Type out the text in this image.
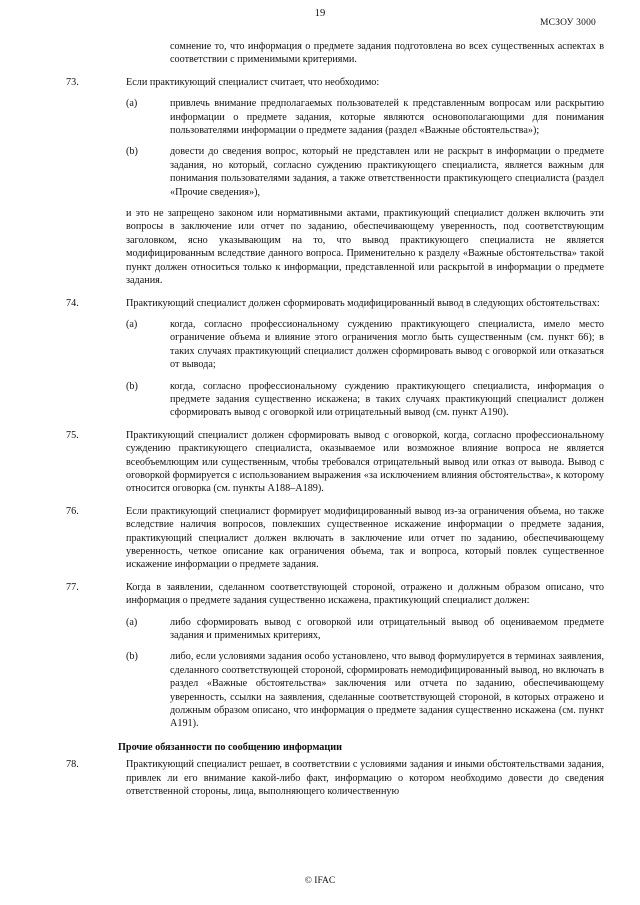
19
МСЗОУ 3000
сомнение то, что информация о предмете задания подготовлена во всех существенных аспектах в соответствии с применимыми критериями.
73.	Если практикующий специалист считает, что необходимо:
(a)	привлечь внимание предполагаемых пользователей к представленным вопросам или раскрытию информации о предмете задания, которые являются основополагающими для понимания пользователями информации о предмете задания (раздел «Важные обстоятельства»);
(b)	довести до сведения вопрос, который не представлен или не раскрыт в информации о предмете задания, но который, согласно суждению практикующего специалиста, является важным для понимания пользователями задания, а также ответственности практикующего специалиста (раздел «Прочие сведения»),
и это не запрещено законом или нормативными актами, практикующий специалист должен включить эти вопросы в заключение или отчет по заданию, обеспечивающему уверенность, под соответствующим заголовком, ясно указывающим на то, что вывод практикующего специалиста не является модифицированным вследствие данного вопроса. Применительно к разделу «Важные обстоятельства» такой пункт должен относиться только к информации, представленной или раскрытой в информации о предмете задания.
74.	Практикующий специалист должен сформировать модифицированный вывод в следующих обстоятельствах:
(a)	когда, согласно профессиональному суждению практикующего специалиста, имело место ограничение объема и влияние этого ограничения могло быть существенным (см. пункт 66); в таких случаях практикующий специалист должен сформировать вывод с оговоркой или отказаться от вывода;
(b)	когда, согласно профессиональному суждению практикующего специалиста, информация о предмете задания существенно искажена; в таких случаях практикующий специалист должен сформировать вывод с оговоркой или отрицательный вывод (см. пункт A190).
75.	Практикующий специалист должен сформировать вывод с оговоркой, когда, согласно профессиональному суждению практикующего специалиста, оказываемое или возможное влияние вопроса не является всеобъемлющим или существенным, чтобы требовался отрицательный вывод или отказ от вывода. Вывод с оговоркой формируется с использованием выражения «за исключением влияния обстоятельства», к которому относится оговорка (см. пункты A188–A189).
76.	Если практикующий специалист формирует модифицированный вывод из-за ограничения объема, но также вследствие наличия вопросов, повлекших существенное искажение информации о предмете задания, практикующий специалист должен включать в заключение или отчет по заданию, обеспечивающему уверенность, четкое описание как ограничения объема, так и вопроса, который повлек существенное искажение информации о предмете задания.
77.	Когда в заявлении, сделанном соответствующей стороной, отражено и должным образом описано, что информация о предмете задания существенно искажена, практикующий специалист должен:
(a)	либо сформировать вывод с оговоркой или отрицательный вывод об оцениваемом предмете задания и применимых критериях,
(b)	либо, если условиями задания особо установлено, что вывод формулируется в терминах заявления, сделанного соответствующей стороной, сформировать немодифицированный вывод, но включать в раздел «Важные обстоятельства» заключения или отчета по заданию, обеспечивающему уверенность, ссылки на заявления, сделанные соответствующей стороной, в которых отражено и должным образом описано, что информация о предмете задания существенно искажена (см. пункт A191).
Прочие обязанности по сообщению информации
78.	Практикующий специалист решает, в соответствии с условиями задания и иными обстоятельствами задания, привлек ли его внимание какой-либо факт, информацию о котором необходимо довести до сведения ответственной стороны, лица, выполняющего количественную
© IFAC
